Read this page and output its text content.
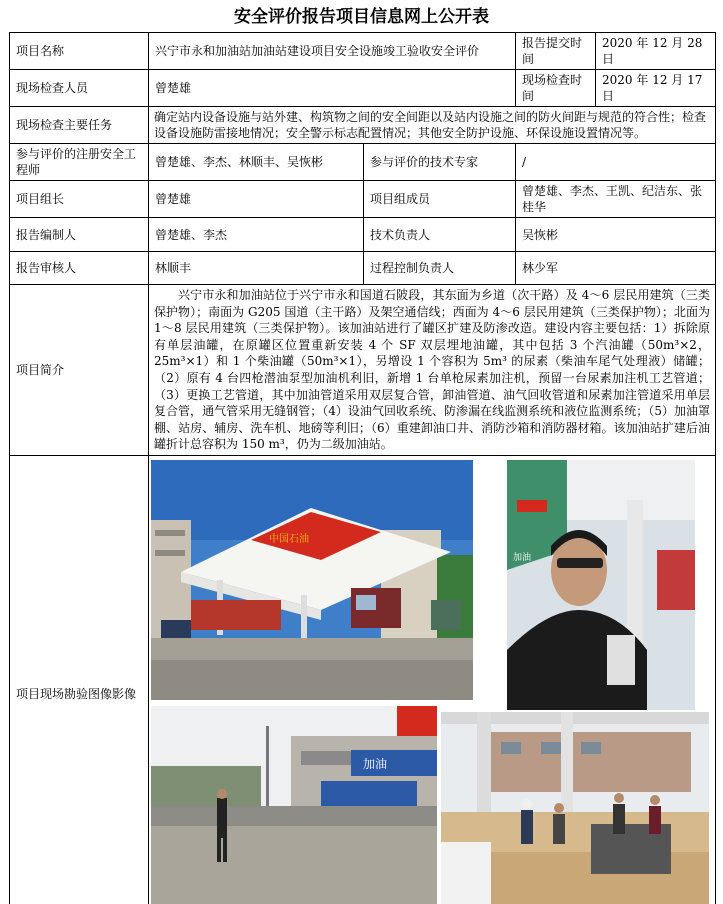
安全评价报告项目信息网上公开表
项目名称	兴宁市永和加油站加油站建设项目安全设施竣工验收安全评价		报告提交时间	2020 年 12 月 28 日
现场检查人员	曾楚雄		现场检查时间	2020 年 12 月 17 日
现场检查主要任务	确定站内设备设施与站外建、构筑物之间的安全间距以及站内设施之间的防火间距与规范的符合性；检查设备设施防雷接地情况；安全警示标志配置情况；其他安全防护设施、环保设施设置情况等。			
参与评价的注册安全工程师	曾楚雄、李杰、林顺丰、吴恢彬	参与评价的技术专家	/	
项目组长	曾楚雄	项目组成员	曾楚雄、李杰、王凯、纪洁东、张桂华	
报告编制人	曾楚雄、李杰	技术负责人	吴恢彬	
报告审核人	林顺丰	过程控制负责人	林少军	
项目简介	兴宁市永和加油站位于兴宁市永和国道石陂段，其东面为乡道（次干路）及 4～6 层民用建筑（三类保护物）；南面为 G205 国道（主干路）及架空通信线；西面为 4～6 层民用建筑（三类保护物）；北面为 1～8 层民用建筑（三类保护物）。该加油站进行了罐区扩建及防渗改造。建设内容主要包括：1）拆除原有单层油罐，在原罐区位置重新安装 4 个 SF 双层埋地油罐，其中包括 3 个汽油罐（50m³×2，25m³×1）和 1 个柴油罐（50m³×1），另增设 1 个容积为 5m³ 的尿素（柴油车尾气处理液）储罐；（2）原有 4 台四枪潜油泵型加油机利旧，新增 1 台单枪尿素加注机，预留一台尿素加注机工艺管道；（3）更换工艺管道，其中加油管道采用双层复合管，卸油管道、油气回收管道和尿素加注管道采用单层复合管，通气管采用无缝钢管；（4）设油气回收系统、防渗漏在线监测系统和液位监测系统；（5）加油罩棚、站房、辅房、洗车机、地磅等利旧；（6）重建卸油口井、消防沙箱和消防器材箱。该加油站扩建后油罐折计总容积为 150 m³，仍为二级加油站。			

项目现场勘验图像影像	中国石油
加油
加油			
